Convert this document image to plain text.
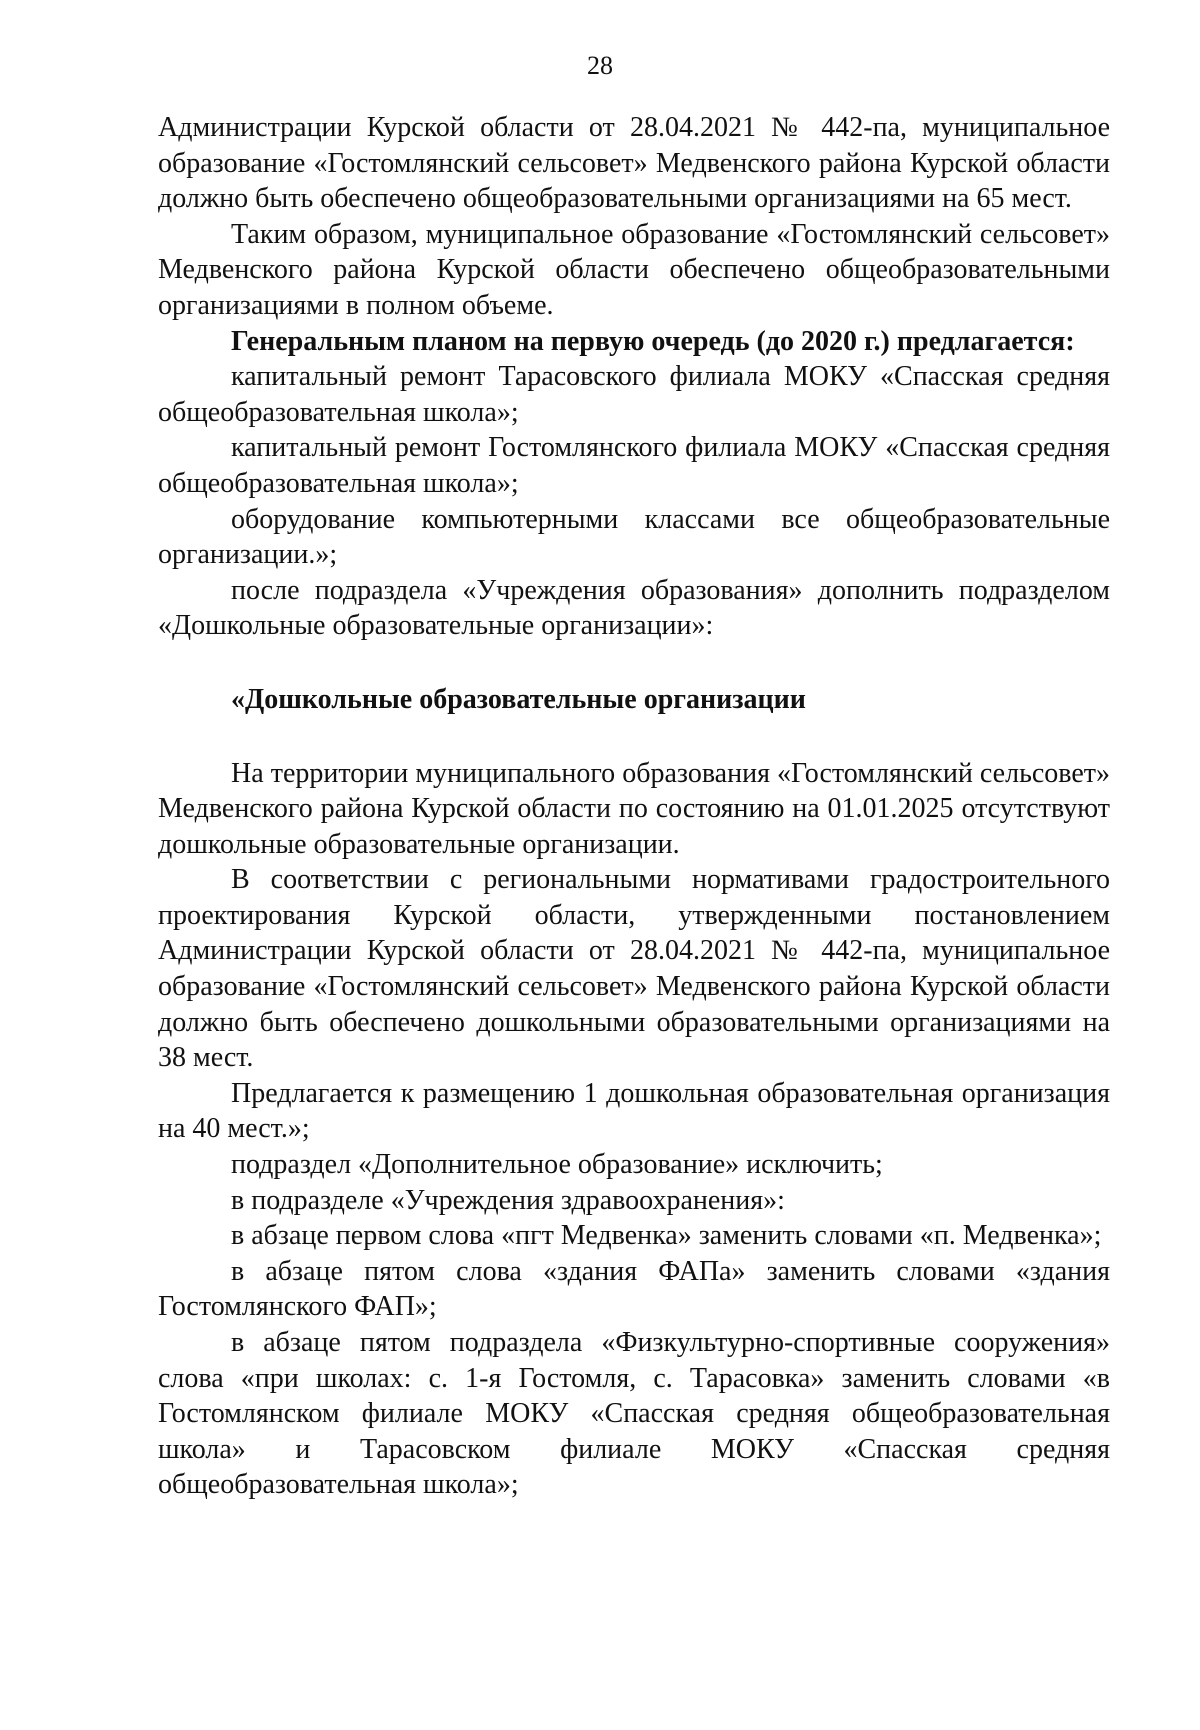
28

Администрации Курской области от 28.04.2021 № 442-па, муниципальное образование «Гостомлянский сельсовет» Медвенского района Курской области должно быть обеспечено общеобразовательными организациями на 65 мест.

Таким образом, муниципальное образование «Гостомлянский сельсовет» Медвенского района Курской области обеспечено общеобразовательными организациями в полном объеме.

Генеральным планом на первую очередь (до 2020 г.) предлагается:

капитальный ремонт Тарасовского филиала МОКУ «Спасская средняя общеобразовательная школа»;

капитальный ремонт Гостомлянского филиала МОКУ «Спасская средняя общеобразовательная школа»;

оборудование компьютерными классами все общеобразовательные организации.»;

после подраздела «Учреждения образования» дополнить подразделом «Дошкольные образовательные организации»:

«Дошкольные образовательные организации

На территории муниципального образования «Гостомлянский сельсовет» Медвенского района Курской области по состоянию на 01.01.2025 отсутствуют дошкольные образовательные организации.

В соответствии с региональными нормативами градостроительного проектирования Курской области, утвержденными постановлением Администрации Курской области от 28.04.2021 № 442-па, муниципальное образование «Гостомлянский сельсовет» Медвенского района Курской области должно быть обеспечено дошкольными образовательными организациями на 38 мест.

Предлагается к размещению 1 дошкольная образовательная организация на 40 мест.»;

подраздел «Дополнительное образование» исключить;

в подразделе «Учреждения здравоохранения»:

в абзаце первом слова «пгт Медвенка» заменить словами «п. Медвенка»;

в абзаце пятом слова «здания ФАПа» заменить словами «здания Гостомлянского ФАП»;

в абзаце пятом подраздела «Физкультурно-спортивные сооружения» слова «при школах: с. 1-я Гостомля, с. Тарасовка» заменить словами «в Гостомлянском филиале МОКУ «Спасская средняя общеобразовательная школа» и Тарасовском филиале МОКУ «Спасская средняя общеобразовательная школа»;
